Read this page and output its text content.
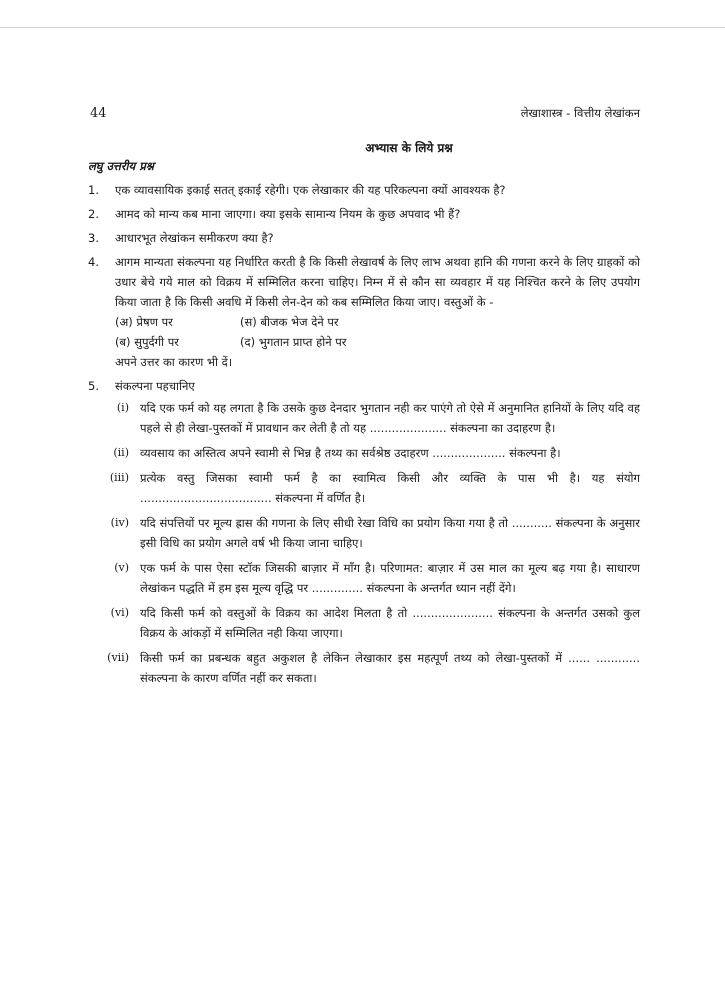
44	लेखाशास्त्र - वित्तीय लेखांकन
अभ्यास के लिये प्रश्न
लघु उत्तरीय प्रश्न
1.	एक व्यावसायिक इकाई सतत् इकाई रहेगी। एक लेखाकार की यह परिकल्पना क्यों आवश्यक है?
2.	आमद को मान्य कब माना जाएगा। क्या इसके सामान्य नियम के कुछ अपवाद भी हैं?
3.	आधारभूत लेखांकन समीकरण क्या है?
4.	आगम मान्यता संकल्पना यह निर्धारित करती है कि किसी लेखावर्ष के लिए लाभ अथवा हानि की गणना करने के लिए ग्राहकों को उधार बेचे गये माल को विक्रय में सम्मिलित करना चाहिए। निम्न में से कौन सा व्यवहार में यह निश्चित करने के लिए उपयोग किया जाता है कि किसी अवधि में किसी लेन-देन को कब सम्मिलित किया जाए। वस्तुओं के -
(अ) प्रेषण पर	(स) बीजक भेज देने पर
(ब) सुपुर्दगी पर	(द) भुगतान प्राप्त होने पर
अपने उत्तर का कारण भी दें।
5.	संकल्पना पहचानिए
(i) यदि एक फर्म को यह लगता है कि उसके कुछ देनदार भुगतान नही कर पाएंगे तो ऐसे में अनुमानित हानियों के लिए यदि वह पहले से ही लेखा-पुस्तकों में प्रावधान कर लेती है तो यह ..................... संकल्पना का उदाहरण है।
(ii) व्यवसाय का अस्तित्व अपने स्वामी से भिन्न है तथ्य का सर्वश्रेष्ठ उदाहरण .................... संकल्पना है।
(iii) प्रत्येक वस्तु जिसका स्वामी फर्म है का स्वामित्व किसी और व्यक्ति के पास भी है। यह संयोग .................................... संकल्पना में वर्णित है।
(iv) यदि संपत्तियों पर मूल्य ह्रास की गणना के लिए सीधी रेखा विधि का प्रयोग किया गया है तो ........... संकल्पना के अनुसार इसी विधि का प्रयोग अगले वर्ष भी किया जाना चाहिए।
(v) एक फर्म के पास ऐसा स्टॉक जिसकी बाज़ार में माँग है। परिणामत: बाज़ार में उस माल का मूल्य बढ़ गया है। साधारण लेखांकन पद्धति में हम इस मूल्य वृद्धि पर .............. संकल्पना के अन्तर्गत ध्यान नहीं देंगे।
(vi) यदि किसी फर्म को वस्तुओं के विक्रय का आदेश मिलता है तो ...................... संकल्पना के अन्तर्गत उसको कुल विक्रय के आंकड़ों में सम्मिलित नही किया जाएगा।
(vii) किसी फर्म का प्रबन्धक बहुत अकुशल है लेकिन लेखाकार इस महत्पूर्ण तथ्य को लेखा-पुस्तकों में ...... ............ संकल्पना के कारण वर्णित नहीं कर सकता।
